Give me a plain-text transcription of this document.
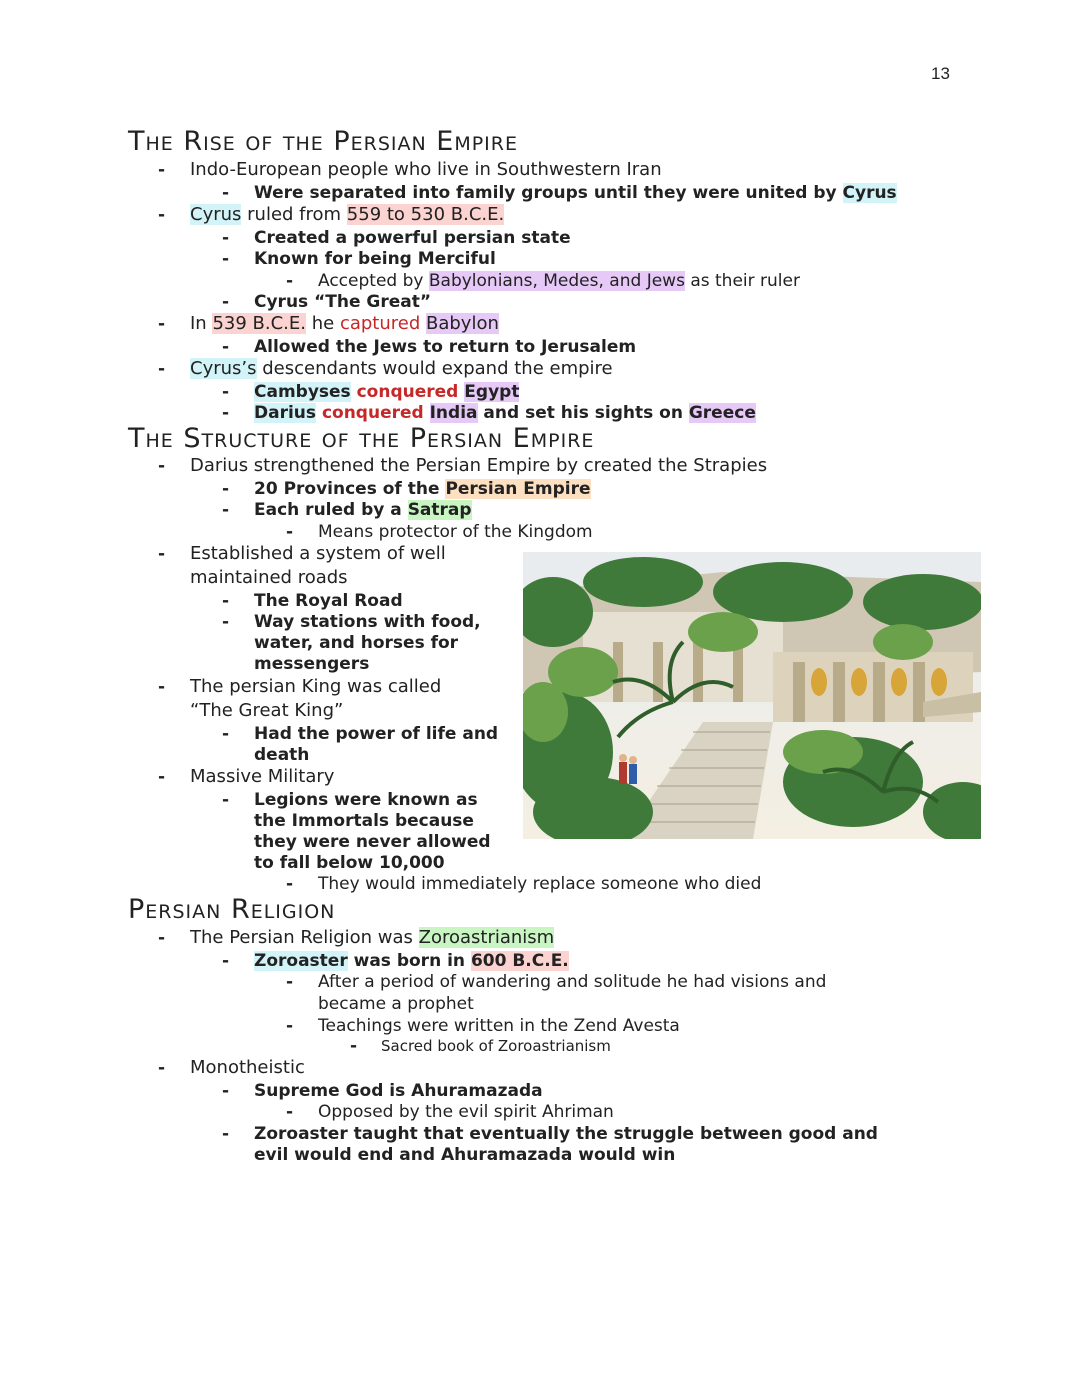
13
The Rise of the Persian Empire
- Indo-European people who live in Southwestern Iran
- Were separated into family groups until they were united by Cyrus
- Cyrus ruled from 559 to 530 B.C.E.
- Created a powerful persian state
- Known for being Merciful
- Accepted by Babylonians, Medes, and Jews as their ruler
- Cyrus “The Great”
- In 539 B.C.E. he captured Babylon
- Allowed the Jews to return to Jerusalem
- Cyrus’s descendants would expand the empire
- Cambyses conquered Egypt
- Darius conquered India and set his sights on Greece
The Structure of the Persian Empire
- Darius strengthened the Persian Empire by created the Strapies
- 20 Provinces of the Persian Empire
- Each ruled by a Satrap
- Means protector of the Kingdom
- Established a system of well
maintained roads
- The Royal Road
- Way stations with food,
water, and horses for
messengers
- The persian King was called
“The Great King”
- Had the power of life and
death
- Massive Military
- Legions were known as
the Immortals because
they were never allowed
to fall below 10,000
- They would immediately replace someone who died
Persian Religion
- The Persian Religion was Zoroastrianism
- Zoroaster was born in 600 B.C.E.
- After a period of wandering and solitude he had visions and
became a prophet
- Teachings were written in the Zend Avesta
- Sacred book of Zoroastrianism
- Monotheistic
- Supreme God is Ahuramazada
- Opposed by the evil spirit Ahriman
- Zoroaster taught that eventually the struggle between good and
evil would end and Ahuramazada would win
